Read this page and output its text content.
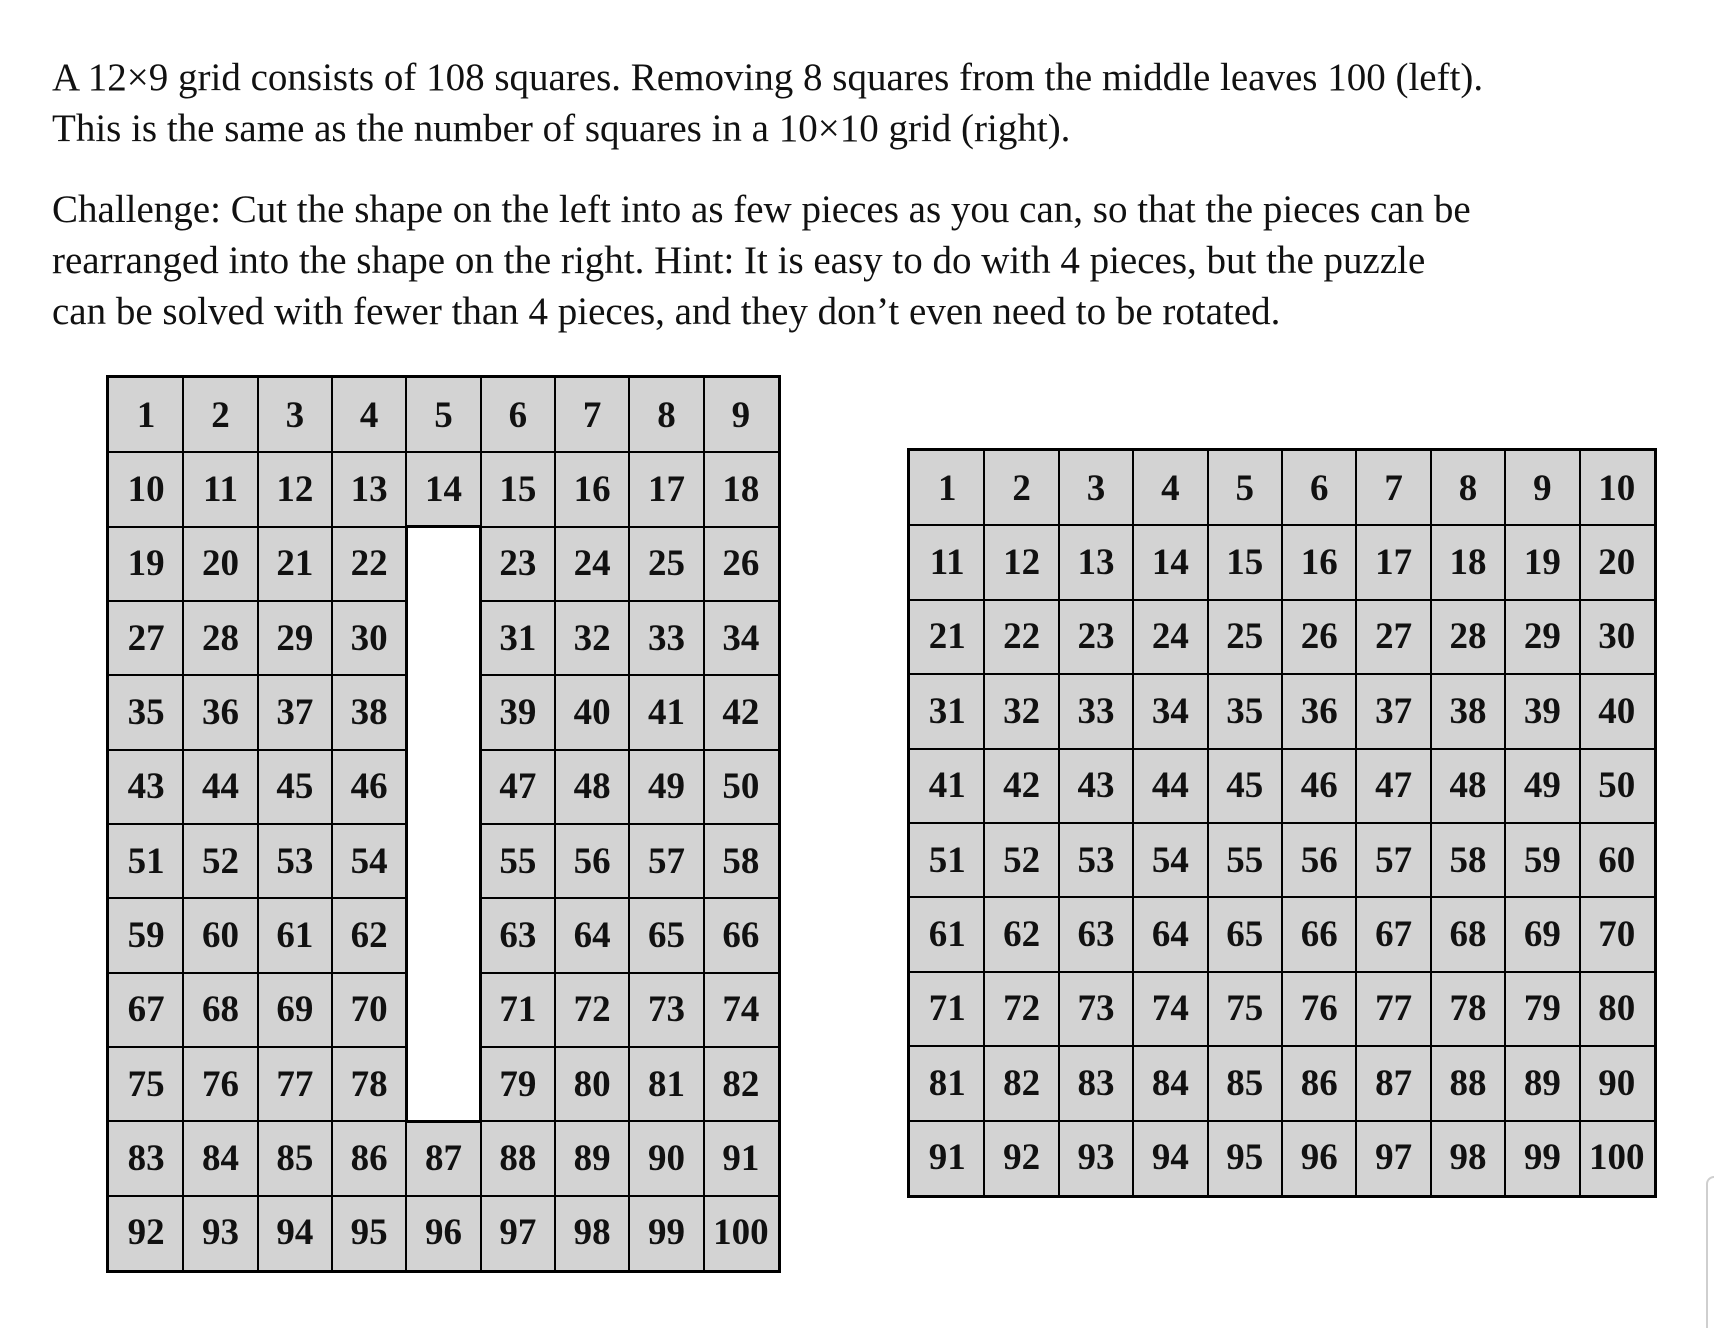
A 12×9 grid consists of 108 squares. Removing 8 squares from the middle leaves 100 (left).
This is the same as the number of squares in a 10×10 grid (right).

Challenge: Cut the shape on the left into as few pieces as you can, so that the pieces can be
rearranged into the shape on the right. Hint: It is easy to do with 4 pieces, but the puzzle
can be solved with fewer than 4 pieces, and they don’t even need to be rotated.

1	2	3	4	5	6	7	8	9
10	11	12	13	14	15	16	17	18
19	20	21	22	23	24	25	26
27	28	29	30	31	32	33	34
35	36	37	38	39	40	41	42
43	44	45	46	47	48	49	50
51	52	53	54	55	56	57	58
59	60	61	62	63	64	65	66
67	68	69	70	71	72	73	74
75	76	77	78	79	80	81	82
83	84	85	86	87	88	89	90	91
92	93	94	95	96	97	98	99 100
1	2	3	4	5	6	7	8	9	10
11	12	13	14	15	16	17	18	19	20
21	22	23	24	25	26	27	28	29	30
31	32	33	34	35	36	37	38	39	40
41	42	43	44	45	46	47	48	49	50
51	52	53	54	55	56	57	58	59	60
61	62	63	64	65	66	67	68	69	70
71	72	73	74	75	76	77	78	79	80
81	82	83	84	85	86	87	88	89	90
91	92	93	94	95	96	97	98	99 100
